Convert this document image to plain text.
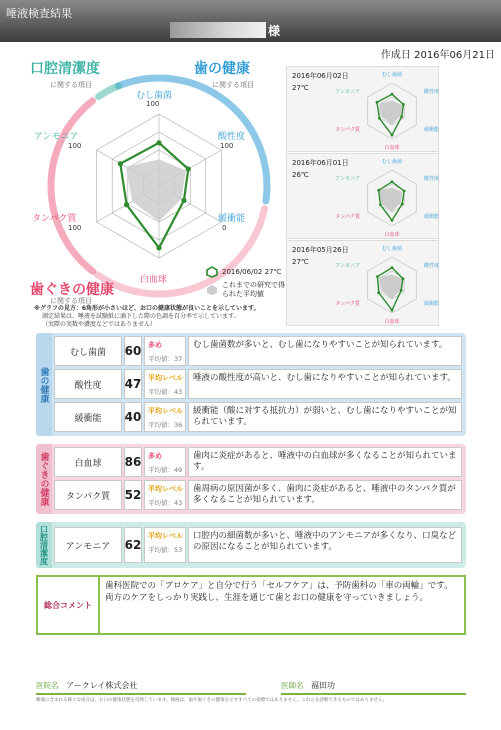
唾液検査結果
様
作成日 2016年06月21日
口腔清潔度
に関する項目
歯の健康
に関する項目
歯ぐきの健康
に関する項目
むし歯菌
酸性度
緩衝能
白血球
タンパク質
アンモニア
100
100
0
100
100
2016/06/02 27℃
これまでの研究で得られた平均値
※グラフの見方：6角形が小さいほど、お口の健康状態が良いことを示しています。
測定結果は、唾液を試験紙に滴下した際の色調を百分率で示しています。
（実際の実数や濃度などではありません）
2016年06月02日
27℃
むし歯菌
酸性度
緩衝能
白血球
タンパク質
アンモニア
2016年06月01日
26℃
むし歯菌
酸性度
緩衝能
白血球
タンパク質
アンモニア
2016年05月26日
27℃
むし歯菌
酸性度
緩衝能
白血球
タンパク質
アンモニア
歯の健康
むし歯菌	60 多め
平均値：37
むし歯菌数が多いと、むし歯になりやすいことが知られています。
酸性度	47 平均レベル
平均値：43
唾液の酸性度が高いと、むし歯になりやすいことが知られています。
緩衝能	40 平均レベル
平均値：36
緩衝能（酸に対する抵抗力）が弱いと、むし歯になりやすいことが知られています。
歯ぐきの健康	白血球	86 多め
平均値：49
歯肉に炎症があると、唾液中の白血球が多くなることが知られています。
タンパク質	52 平均レベル
平均値：43
歯周病の原因菌が多く、歯肉に炎症があると、唾液中のタンパク質が多くなることが知られています。
口腔清潔度	アンモニア	62
平均レベル
平均値：53
口腔内の細菌数が多いと、唾液中のアンモニアが多くなり、口臭などの原因になることが知られています。
総合コメント
歯科医院での「プロケア」と自分で行う「セルフケア」は、予防歯科の「車の両輪」です。両方のケアをしっかり実践し、生涯を通じて歯とお口の健康を守っていきましょう。
医院名 アークレイ株式会社	医師名 福田功
唾液に含まれる様々な成分は、お口の健康状態を反映しています。唾液は、歯や歯ぐきの健康を示すすべての指標ではありません。これらを診断できるものではありません。
